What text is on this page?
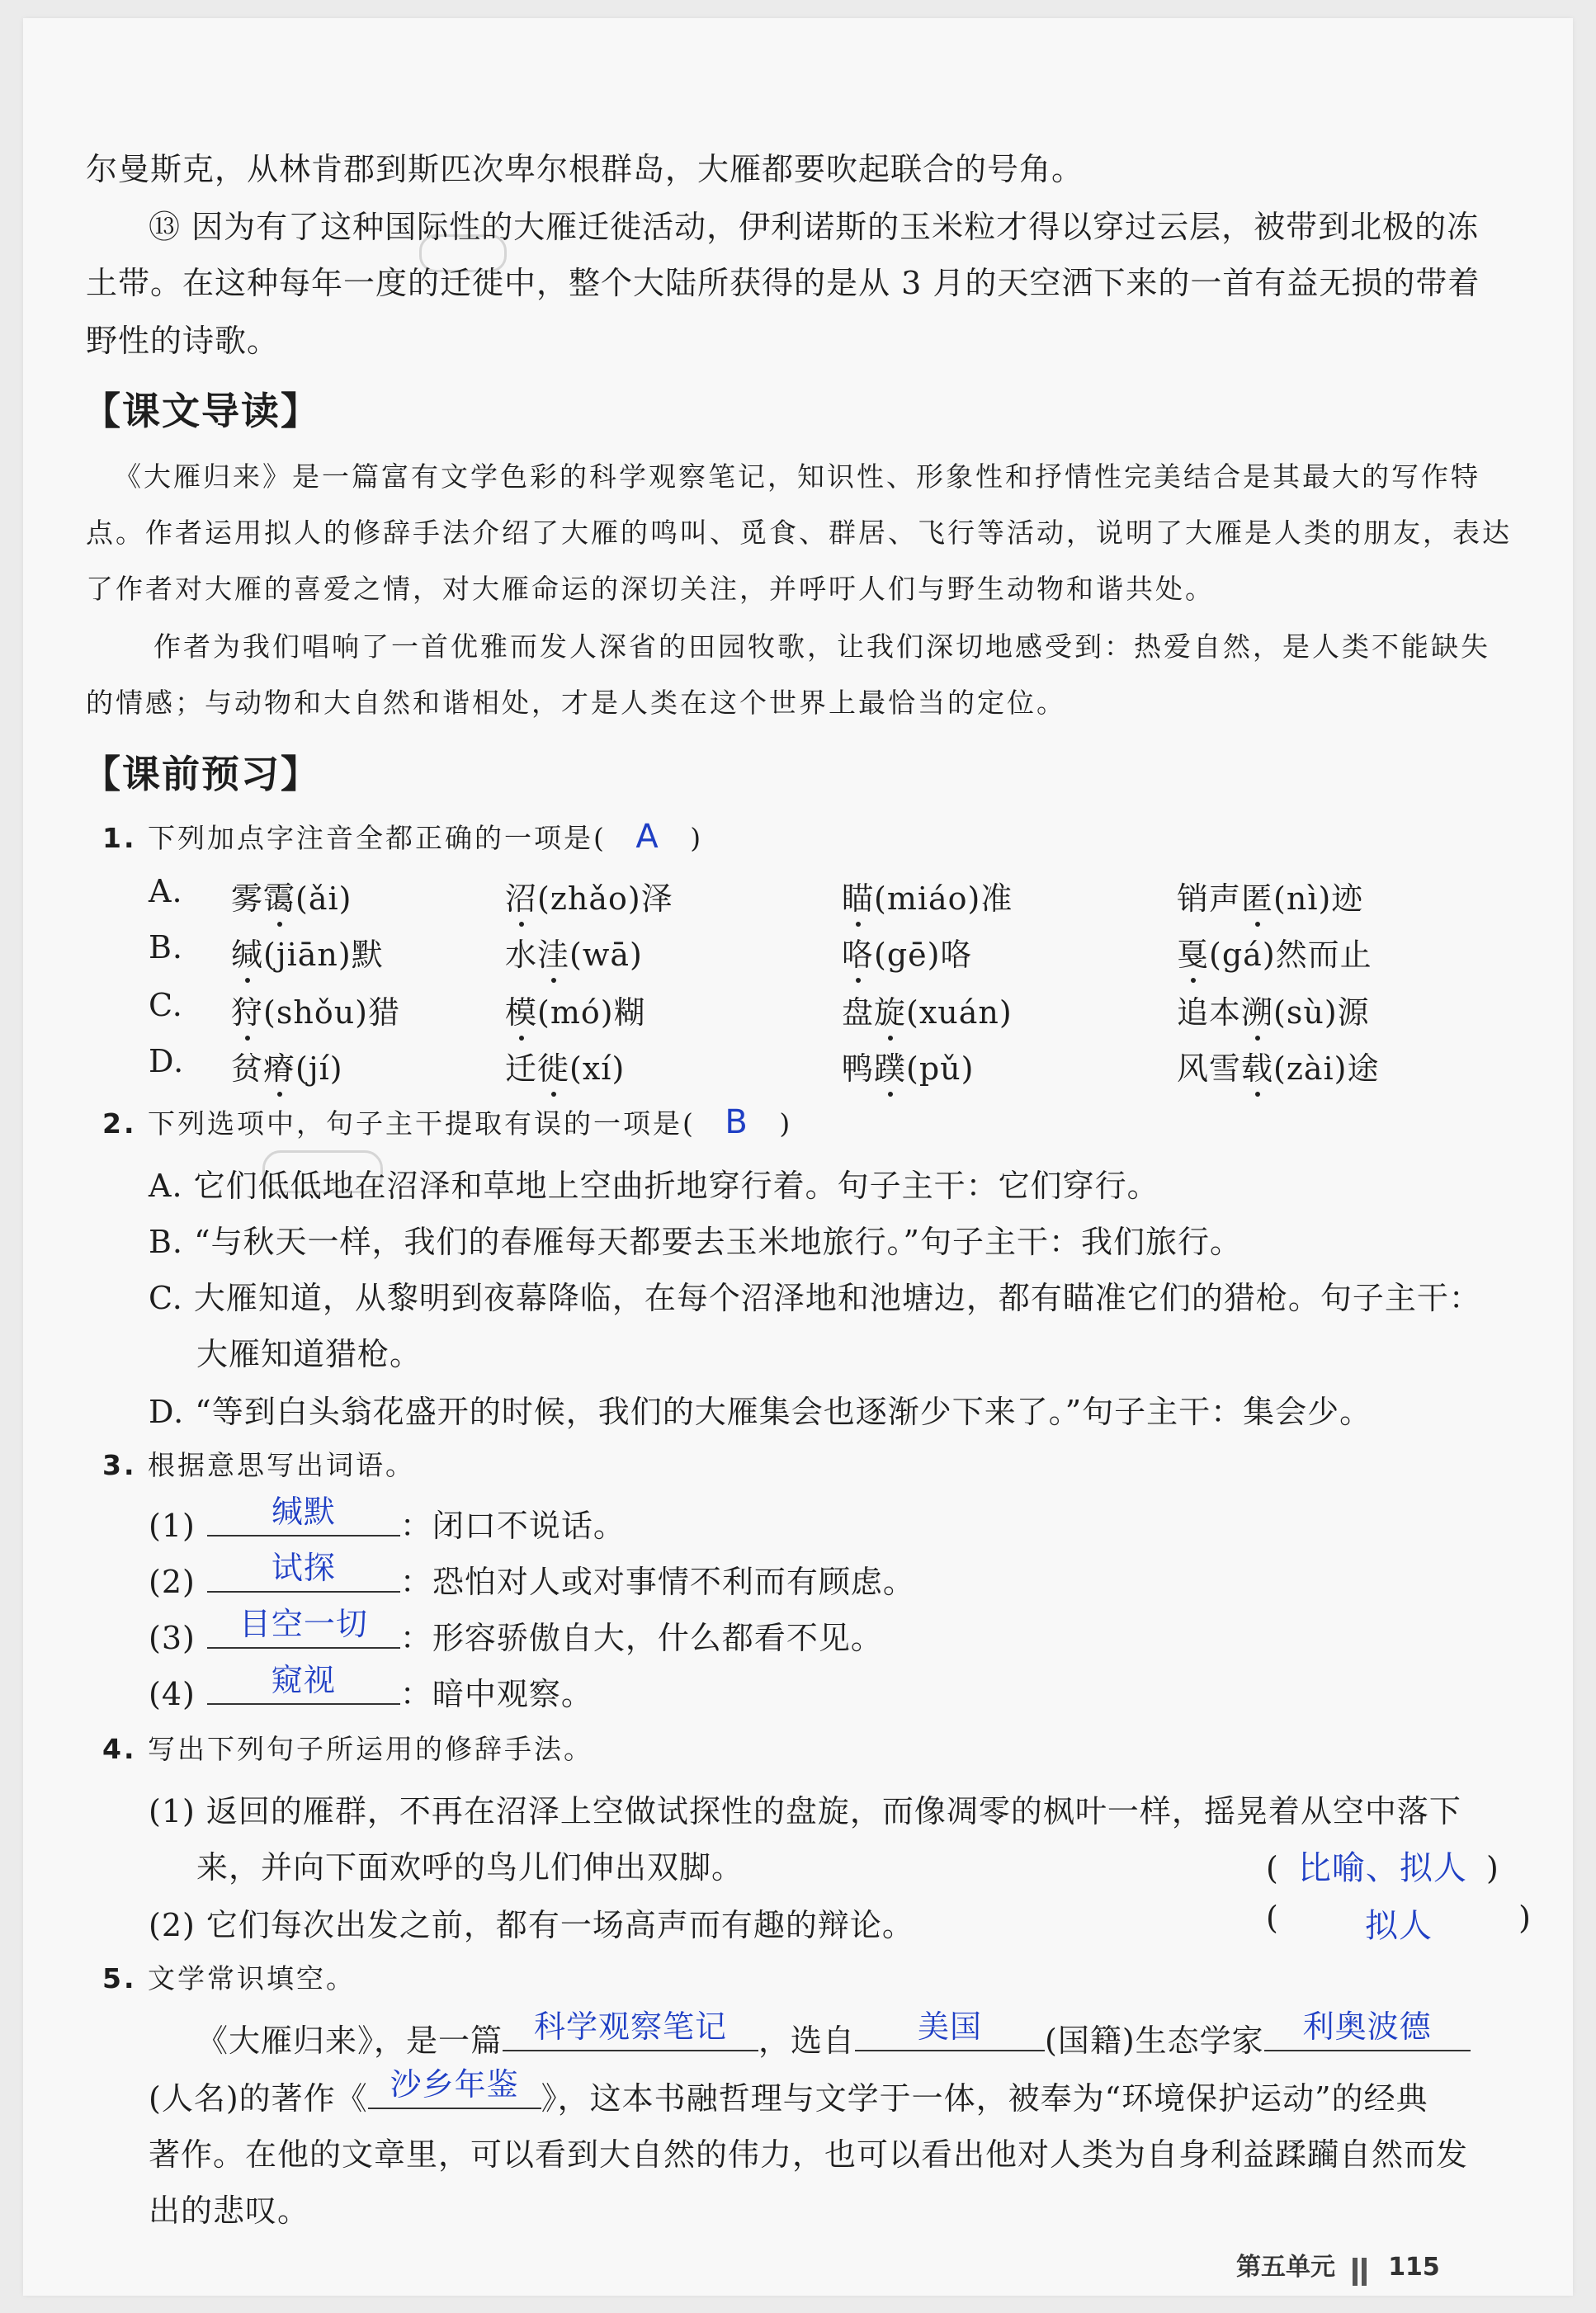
尔曼斯克，从林肯郡到斯匹次卑尔根群岛，大雁都要吹起联合的号角。
⑬ 因为有了这种国际性的大雁迁徙活动，伊利诺斯的玉米粒才得以穿过云层，被带到北极的冻
土带。在这种每年一度的迁徙中，整个大陆所获得的是从 3 月的天空洒下来的一首有益无损的带着
野性的诗歌。
【课文导读】
《大雁归来》是一篇富有文学色彩的科学观察笔记，知识性、形象性和抒情性完美结合是其最大的写作特
点。作者运用拟人的修辞手法介绍了大雁的鸣叫、觅食、群居、飞行等活动，说明了大雁是人类的朋友，表达
了作者对大雁的喜爱之情，对大雁命运的深切关注，并呼吁人们与野生动物和谐共处。
作者为我们唱响了一首优雅而发人深省的田园牧歌，让我们深切地感受到：热爱自然，是人类不能缺失
的情感；与动物和大自然和谐相处，才是人类在这个世界上最恰当的定位。
【课前预习】
1. 下列加点字注音全都正确的一项是( A )
A. 雾霭(ǎi)	沼(zhǎo)泽	瞄(miáo)准	销声匿(nì)迹
B. 缄(jiān)默	水洼(wā)	咯(gē)咯	戛(gá)然而止
C. 狩(shǒu)猎	模(mó)糊	盘旋(xuán)	追本溯(sù)源
D. 贫瘠(jí)	迁徙(xí)	鸭蹼(pǔ)	风雪载(zài)途
2. 下列选项中，句子主干提取有误的一项是( B )
A. 它们低低地在沼泽和草地上空曲折地穿行着。句子主干：它们穿行。
B. “与秋天一样，我们的春雁每天都要去玉米地旅行。”句子主干：我们旅行。
C. 大雁知道，从黎明到夜幕降临，在每个沼泽地和池塘边，都有瞄准它们的猎枪。句子主干：
大雁知道猎枪。
D. “等到白头翁花盛开的时候，我们的大雁集会也逐渐少下来了。”句子主干：集会少。
3. 根据意思写出词语。
(1)	缄默	：闭口不说话。
(2)	试探	：恐怕对人或对事情不利而有顾虑。
(3)	目空一切	：形容骄傲自大，什么都看不见。
(4)	窥视	：暗中观察。
4. 写出下列句子所运用的修辞手法。
(1) 返回的雁群，不再在沼泽上空做试探性的盘旋，而像凋零的枫叶一样，摇晃着从空中落下
来，并向下面欢呼的鸟儿们伸出双脚。	( 比喻、拟人 )
(2) 它们每次出发之前，都有一场高声而有趣的辩论。	(	拟人	)
5. 文学常识填空。
《大雁归来》，是一篇 科学观察笔记	，选自	美国	(国籍)生态学家	利奥波德
(人名)的著作《 沙乡年鉴 》，这本书融哲理与文学于一体，被奉为“环境保护运动”的经典
著作。在他的文章里，可以看到大自然的伟力，也可以看出他对人类为自身利益蹂躏自然而发
出的悲叹。
第五单元 115
